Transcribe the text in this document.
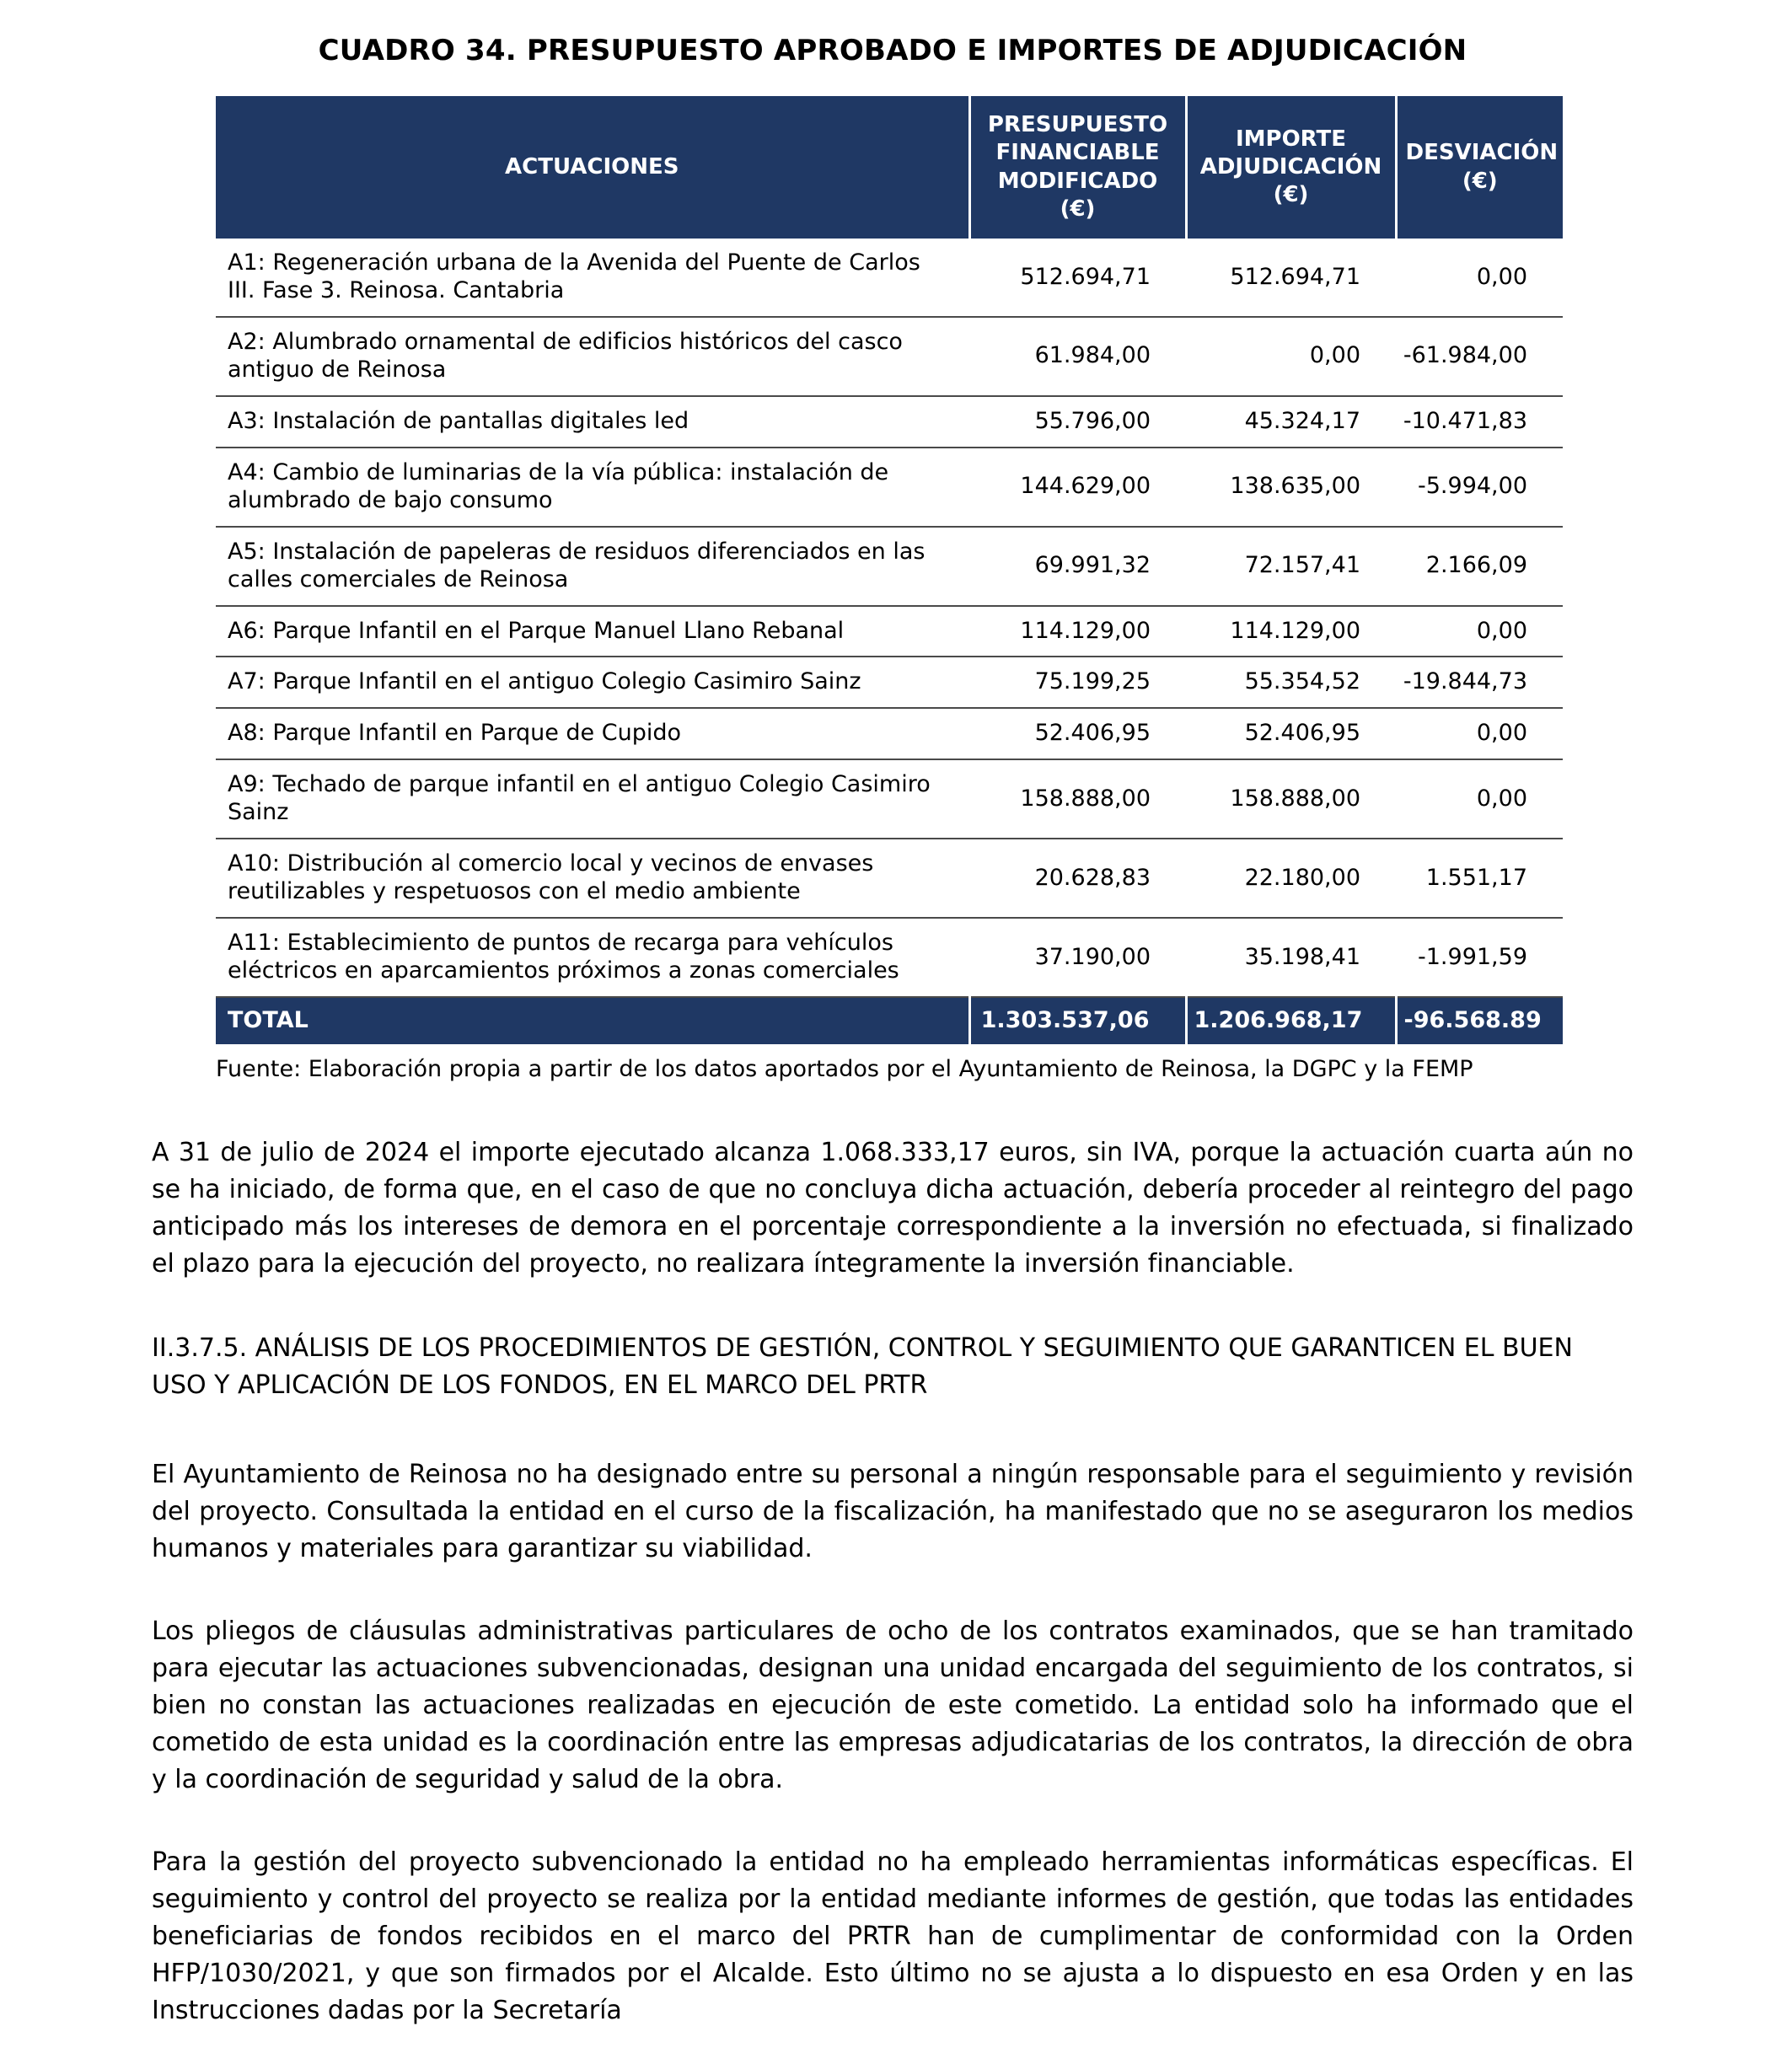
CUADRO 34. PRESUPUESTO APROBADO E IMPORTES DE ADJUDICACIÓN
ACTUACIONES	PRESUPUESTO FINANCIABLE MODIFICADO (€)	IMPORTE ADJUDICACIÓN (€)	DESVIACIÓN (€)
A1: Regeneración urbana de la Avenida del Puente de Carlos III. Fase 3. Reinosa. Cantabria	512.694,71	512.694,71	0,00
A2: Alumbrado ornamental de edificios históricos del casco antiguo de Reinosa	61.984,00	0,00	-61.984,00
A3: Instalación de pantallas digitales led	55.796,00	45.324,17	-10.471,83
A4: Cambio de luminarias de la vía pública: instalación de alumbrado de bajo consumo	144.629,00	138.635,00	-5.994,00
A5: Instalación de papeleras de residuos diferenciados en las calles comerciales de Reinosa	69.991,32	72.157,41	2.166,09
A6: Parque Infantil en el Parque Manuel Llano Rebanal	114.129,00	114.129,00	0,00
A7: Parque Infantil en el antiguo Colegio Casimiro Sainz	75.199,25	55.354,52	-19.844,73
A8: Parque Infantil en Parque de Cupido	52.406,95	52.406,95	0,00
A9: Techado de parque infantil en el antiguo Colegio Casimiro Sainz	158.888,00	158.888,00	0,00
A10: Distribución al comercio local y vecinos de envases reutilizables y respetuosos con el medio ambiente	20.628,83	22.180,00	1.551,17
A11: Establecimiento de puntos de recarga para vehículos eléctricos en aparcamientos próximos a zonas comerciales	37.190,00	35.198,41	-1.991,59
TOTAL	1.303.537,06	1.206.968,17	-96.568.89

Fuente: Elaboración propia a partir de los datos aportados por el Ayuntamiento de Reinosa, la DGPC y la FEMP

A 31 de julio de 2024 el importe ejecutado alcanza 1.068.333,17 euros, sin IVA, porque la actuación cuarta aún no se ha iniciado, de forma que, en el caso de que no concluya dicha actuación, debería proceder al reintegro del pago anticipado más los intereses de demora en el porcentaje correspondiente a la inversión no efectuada, si finalizado el plazo para la ejecución del proyecto, no realizara íntegramente la inversión financiable.

II.3.7.5. ANÁLISIS DE LOS PROCEDIMIENTOS DE GESTIÓN, CONTROL Y SEGUIMIENTO QUE GARANTICEN EL BUEN USO Y APLICACIÓN DE LOS FONDOS, EN EL MARCO DEL PRTR

El Ayuntamiento de Reinosa no ha designado entre su personal a ningún responsable para el seguimiento y revisión del proyecto. Consultada la entidad en el curso de la fiscalización, ha manifestado que no se aseguraron los medios humanos y materiales para garantizar su viabilidad.

Los pliegos de cláusulas administrativas particulares de ocho de los contratos examinados, que se han tramitado para ejecutar las actuaciones subvencionadas, designan una unidad encargada del seguimiento de los contratos, si bien no constan las actuaciones realizadas en ejecución de este cometido. La entidad solo ha informado que el cometido de esta unidad es la coordinación entre las empresas adjudicatarias de los contratos, la dirección de obra y la coordinación de seguridad y salud de la obra.

Para la gestión del proyecto subvencionado la entidad no ha empleado herramientas informáticas específicas. El seguimiento y control del proyecto se realiza por la entidad mediante informes de gestión, que todas las entidades beneficiarias de fondos recibidos en el marco del PRTR han de cumplimentar de conformidad con la Orden HFP/1030/2021, y que son firmados por el Alcalde. Esto último no se ajusta a lo dispuesto en esa Orden y en las Instrucciones dadas por la Secretaría
